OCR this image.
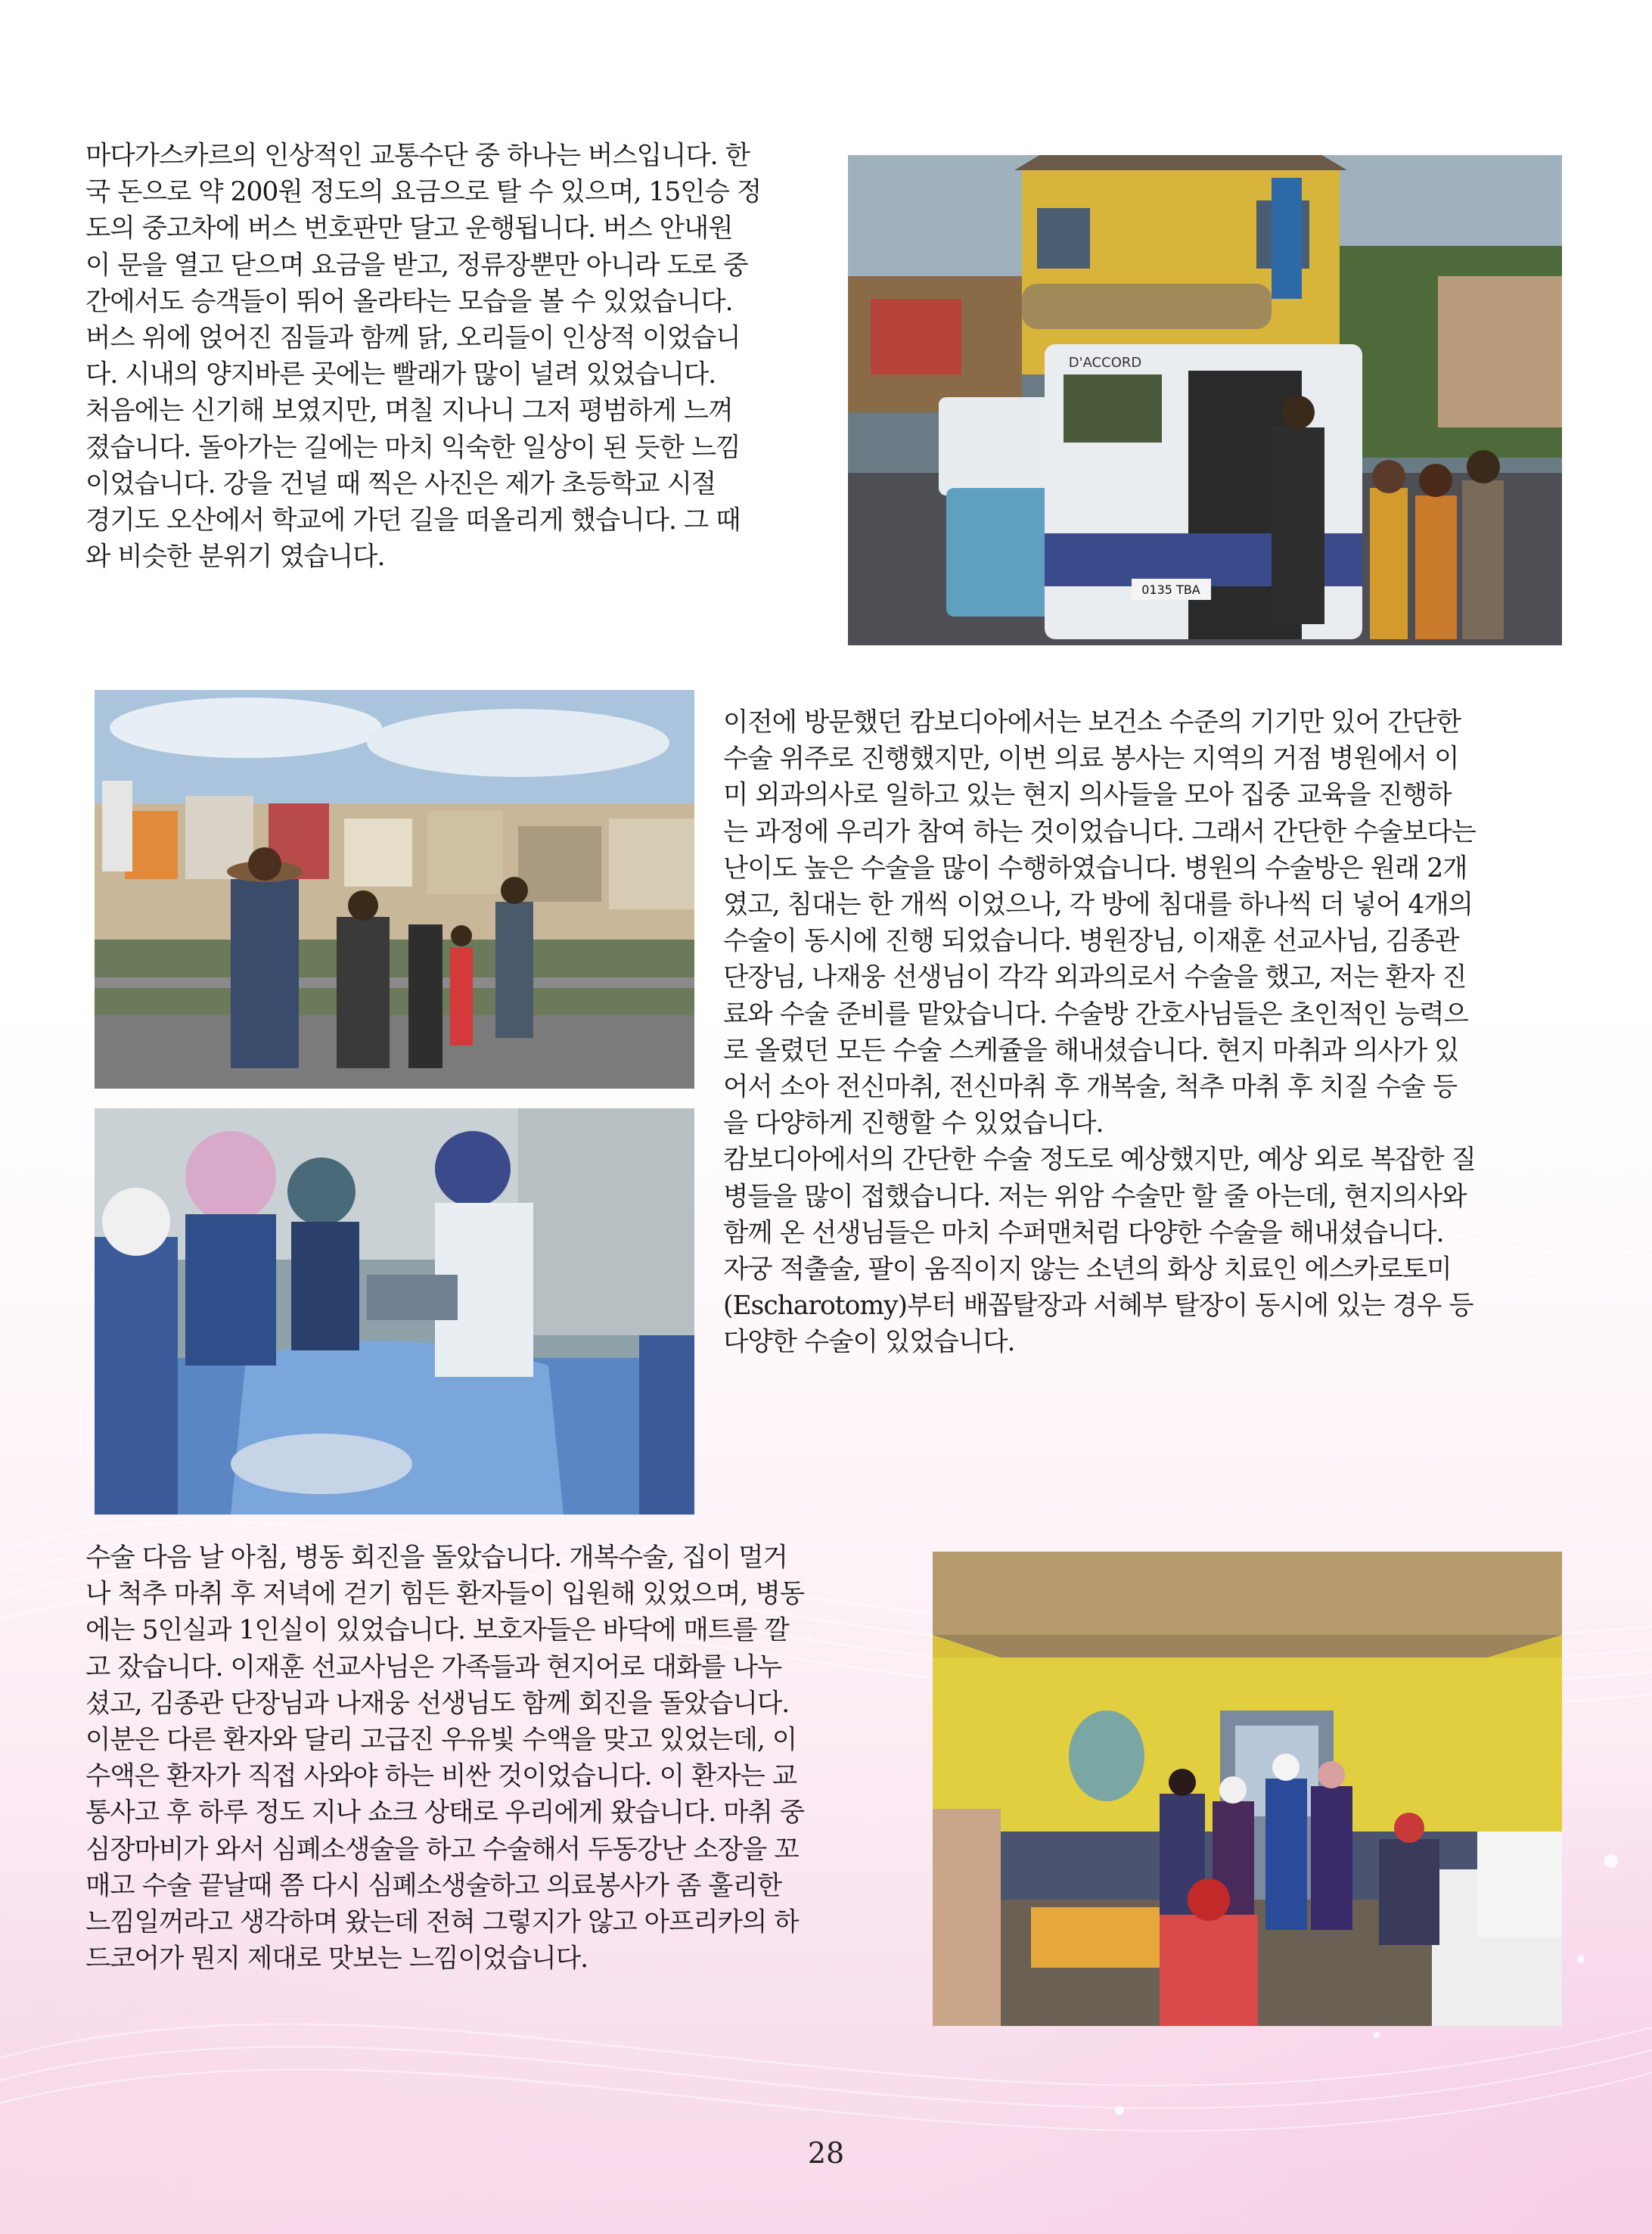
마다가스카르의 인상적인 교통수단 중 하나는 버스입니다. 한
국 돈으로 약 200원 정도의 요금으로 탈 수 있으며, 15인승 정
도의 중고차에 버스 번호판만 달고 운행됩니다. 버스 안내원
이 문을 열고 닫으며 요금을 받고, 정류장뿐만 아니라 도로 중
간에서도 승객들이 뛰어 올라타는 모습을 볼 수 있었습니다.
버스 위에 얹어진 짐들과 함께 닭, 오리들이 인상적 이었습니
다. 시내의 양지바른 곳에는 빨래가 많이 널려 있었습니다.
처음에는 신기해 보였지만, 며칠 지나니 그저 평범하게 느껴
졌습니다. 돌아가는 길에는 마치 익숙한 일상이 된 듯한 느낌
이었습니다. 강을 건널 때 찍은 사진은 제가 초등학교 시절
경기도 오산에서 학교에 가던 길을 떠올리게 했습니다. 그 때
와 비슷한 분위기 였습니다.

0135 TBA
D'ACCORD

이전에 방문했던 캄보디아에서는 보건소 수준의 기기만 있어 간단한
수술 위주로 진행했지만, 이번 의료 봉사는 지역의 거점 병원에서 이
미 외과의사로 일하고 있는 현지 의사들을 모아 집중 교육을 진행하
는 과정에 우리가 참여 하는 것이었습니다. 그래서 간단한 수술보다는
난이도 높은 수술을 많이 수행하였습니다. 병원의 수술방은 원래 2개
였고, 침대는 한 개씩 이었으나, 각 방에 침대를 하나씩 더 넣어 4개의
수술이 동시에 진행 되었습니다. 병원장님, 이재훈 선교사님, 김종관
단장님, 나재웅 선생님이 각각 외과의로서 수술을 했고, 저는 환자 진
료와 수술 준비를 맡았습니다. 수술방 간호사님들은 초인적인 능력으
로 올렸던 모든 수술 스케쥴을 해내셨습니다. 현지 마취과 의사가 있
어서 소아 전신마취, 전신마취 후 개복술, 척추 마취 후 치질 수술 등
을 다양하게 진행할 수 있었습니다.
캄보디아에서의 간단한 수술 정도로 예상했지만, 예상 외로 복잡한 질
병들을 많이 접했습니다. 저는 위암 수술만 할 줄 아는데, 현지의사와
함께 온 선생님들은 마치 수퍼맨처럼 다양한 수술을 해내셨습니다.
자궁 적출술, 팔이 움직이지 않는 소년의 화상 치료인 에스카로토미
(Escharotomy)부터 배꼽탈장과 서혜부 탈장이 동시에 있는 경우 등
다양한 수술이 있었습니다.

수술 다음 날 아침, 병동 회진을 돌았습니다. 개복수술, 집이 멀거
나 척추 마취 후 저녁에 걷기 힘든 환자들이 입원해 있었으며, 병동
에는 5인실과 1인실이 있었습니다. 보호자들은 바닥에 매트를 깔
고 잤습니다. 이재훈 선교사님은 가족들과 현지어로 대화를 나누
셨고, 김종관 단장님과 나재웅 선생님도 함께 회진을 돌았습니다.
이분은 다른 환자와 달리 고급진 우유빛 수액을 맞고 있었는데, 이
수액은 환자가 직접 사와야 하는 비싼 것이었습니다. 이 환자는 교
통사고 후 하루 정도 지나 쇼크 상태로 우리에게 왔습니다. 마취 중
심장마비가 와서 심폐소생술을 하고 수술해서 두동강난 소장을 꼬
매고 수술 끝날때 쯤 다시 심폐소생술하고 의료봉사가 좀 훌리한
느낌일꺼라고 생각하며 왔는데 전혀 그렇지가 않고 아프리카의 하
드코어가 뭔지 제대로 맛보는 느낌이었습니다.

28
